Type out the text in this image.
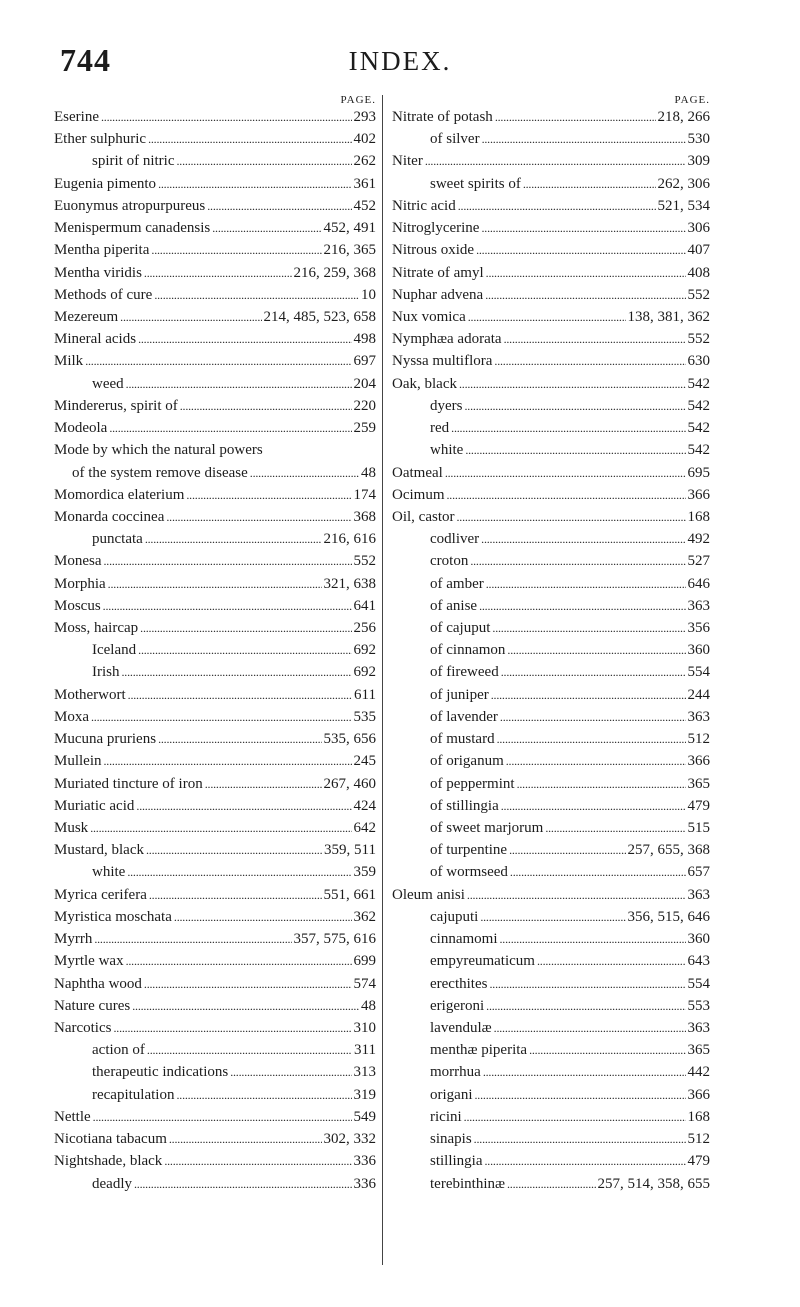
744	INDEX.
PAGE.
Eserine . . .	293
Ether sulphuric . . .	402
spirit of nitric . . .	262
Eugenia pimento . . .	361
Euonymus atropurpureus . . .	452
Menispermum canadensis . . .	452, 491
Mentha piperita . . .	216, 365
Mentha viridis . . .	216, 259, 368
Methods of cure . . .	10
Mezereum . . .	214, 485, 523, 658
Mineral acids . . .	498
Milk . . .	697
weed . . .	204
Mindererus, spirit of . . .	220
Modeola . . .	259
Mode by which the natural powers
of the system remove disease . . .	48
Momordica elaterium . . .	174
Monarda coccinea . . .	368
punctata . . .	216, 616
Monesa . . .	552
Morphia . . .	321, 638
Moscus . . .	641
Moss, haircap . . .	256
Iceland . . .	692
Irish . . .	692
Motherwort . . .	611
Moxa . . .	535
Mucuna pruriens . . .	535, 656
Mullein . . .	245
Muriated tincture of iron . . .	267, 460
Muriatic acid . . .	424
Musk . . .	642
Mustard, black . . .	359, 511
white . . .	359
Myrica cerifera . . .	551, 661
Myristica moschata . . .	362
Myrrh . . .	357, 575, 616
Myrtle wax . . .	699
Naphtha wood . . .	574
Nature cures . . .	48
Narcotics . . .	310
action of . . .	311
therapeutic indications . . .	313
recapitulation . . .	319
Nettle . . .	549
Nicotiana tabacum . . .	302, 332
Nightshade, black . . .	336
deadly . . .	336
PAGE.
Nitrate of potash . . .	218, 266
of silver . . .	530
Niter . . .	309
sweet spirits of . . .	262, 306
Nitric acid . . .	521, 534
Nitroglycerine . . .	306
Nitrous oxide . . .	407
Nitrate of amyl . . .	408
Nuphar advena . . .	552
Nux vomica . . .	138, 381, 362
Nymphæa adorata . . .	552
Nyssa multiflora . . .	630
Oak, black . . .	542
dyers . . .	542
red . . .	542
white . . .	542
Oatmeal . . .	695
Ocimum . . .	366
Oil, castor . . .	168
codliver . . .	492
croton . . .	527
of amber . . .	646
of anise . . .	363
of cajuput . . .	356
of cinnamon . . .	360
of fireweed . . .	554
of juniper . . .	244
of lavender . . .	363
of mustard . . .	512
of origanum . . .	366
of peppermint . . .	365
of stillingia . . .	479
of sweet marjorum . . .	515
of turpentine . . .	257, 655, 368
of wormseed . . .	657
Oleum anisi . . .	363
cajuputi . . .	356, 515, 646
cinnamomi . . .	360
empyreumaticum . . .	643
erecthites . . .	554
erigeroni . . .	553
lavendulæ . . .	363
menthæ piperita . . .	365
morrhua . . .	442
origani . . .	366
ricini . . .	168
sinapis . . .	512
stillingia . . .	479
terebinthinæ . . .	257, 514, 358, 655
